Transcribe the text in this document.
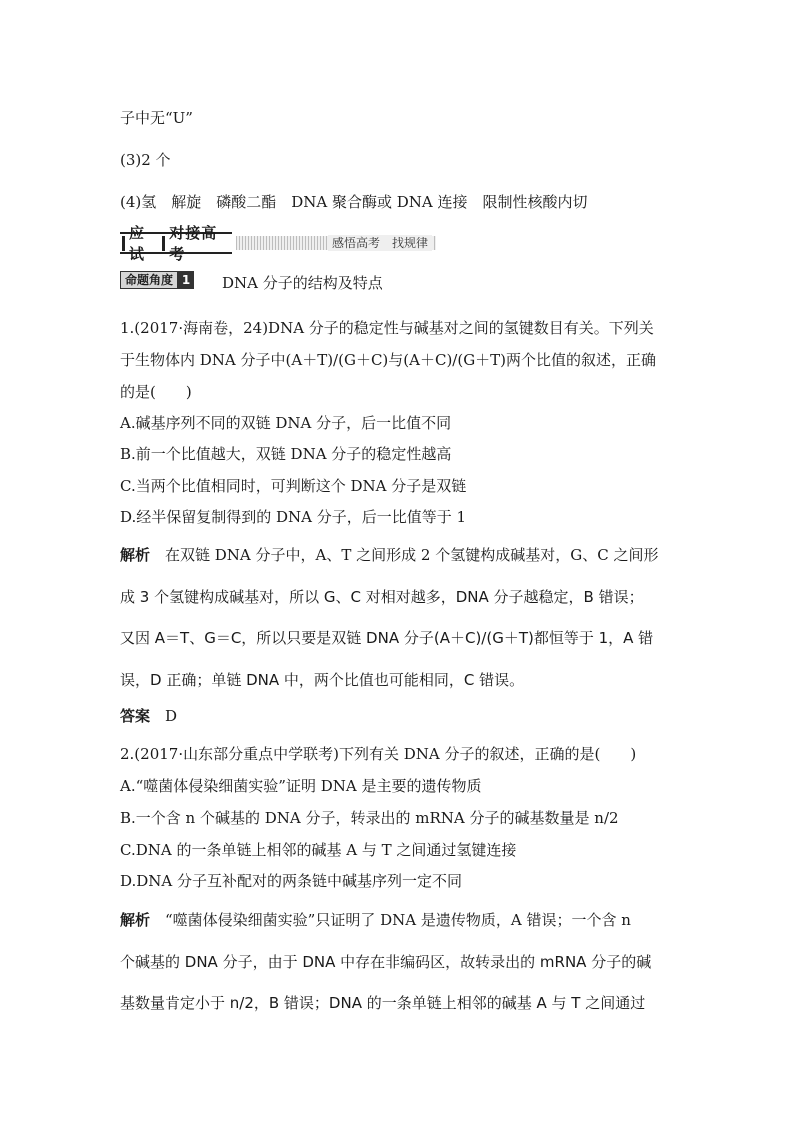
子中无“U”
(3)2 个
(4)氢　解旋　磷酸二酯　DNA 聚合酶或 DNA 连接　限制性核酸内切
应试
对接高考
感悟高考　找规律
命题角度 1 DNA 分子的结构及特点
1.(2017·海南卷，24)DNA 分子的稳定性与碱基对之间的氢键数目有关。下列关
于生物体内 DNA 分子中(A＋T)/(G＋C)与(A＋C)/(G＋T)两个比值的叙述，正确
的是(　　)
A.碱基序列不同的双链 DNA 分子，后一比值不同
B.前一个比值越大，双链 DNA 分子的稳定性越高
C.当两个比值相同时，可判断这个 DNA 分子是双链
D.经半保留复制得到的 DNA 分子，后一比值等于 1
解析　在双链 DNA 分子中，A、T 之间形成 2 个氢键构成碱基对，G、C 之间形
成 3 个氢键构成碱基对，所以 G、C 对相对越多，DNA 分子越稳定，B 错误；
又因 A＝T、G＝C，所以只要是双链 DNA 分子(A＋C)/(G＋T)都恒等于 1，A 错
误，D 正确；单链 DNA 中，两个比值也可能相同，C 错误。
答案　 D
2.(2017·山东部分重点中学联考)下列有关 DNA 分子的叙述，正确的是(　　)
A.“噬菌体侵染细菌实验”证明 DNA 是主要的遗传物质
B.一个含 n 个碱基的 DNA 分子，转录出的 mRNA 分子的碱基数量是 n/2
C.DNA 的一条单链上相邻的碱基 A 与 T 之间通过氢键连接
D.DNA 分子互补配对的两条链中碱基序列一定不同
解析　“噬菌体侵染细菌实验”只证明了 DNA 是遗传物质，A 错误；一个含 n
个碱基的 DNA 分子，由于 DNA 中存在非编码区，故转录出的 mRNA 分子的碱
基数量肯定小于 n/2，B 错误；DNA 的一条单链上相邻的碱基 A 与 T 之间通过
